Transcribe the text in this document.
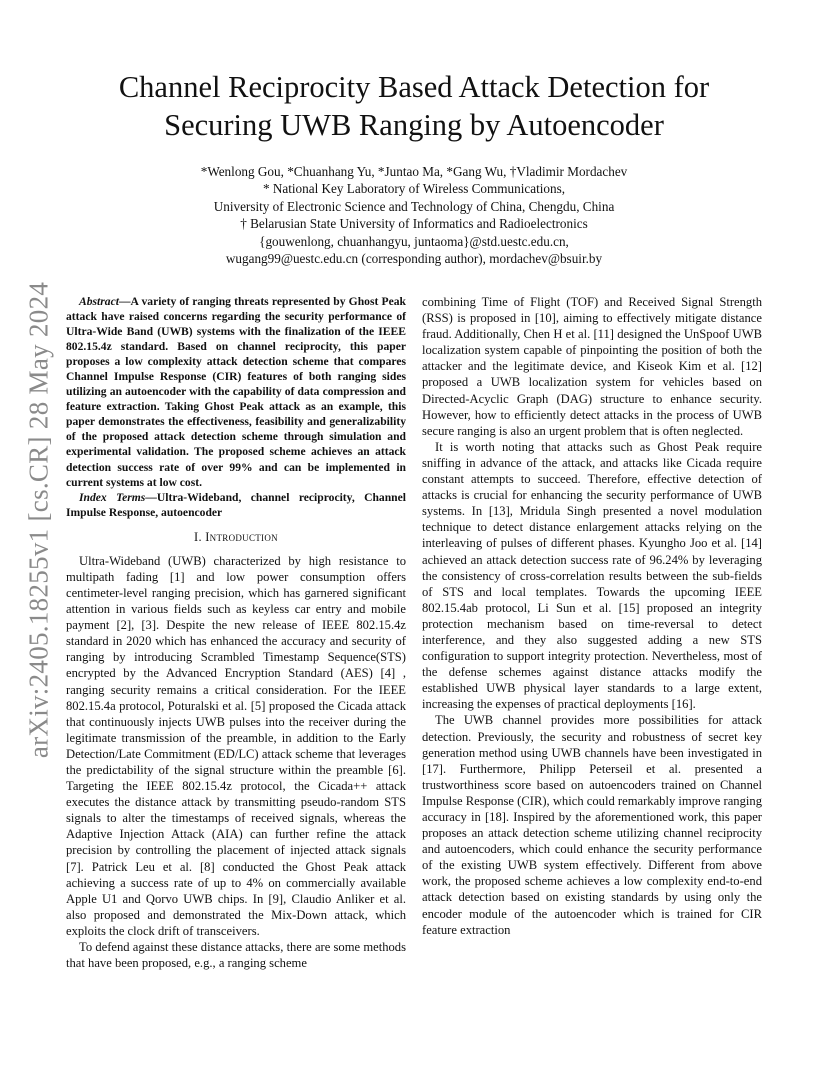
arXiv:2405.18255v1 [cs.CR] 28 May 2024
Channel Reciprocity Based Attack Detection for
Securing UWB Ranging by Autoencoder
*Wenlong Gou, *Chuanhang Yu, *Juntao Ma, *Gang Wu, †Vladimir Mordachev
* National Key Laboratory of Wireless Communications,
University of Electronic Science and Technology of China, Chengdu, China
† Belarusian State University of Informatics and Radioelectronics
{gouwenlong, chuanhangyu, juntaoma}@std.uestc.edu.cn,
wugang99@uestc.edu.cn (corresponding author), mordachev@bsuir.by

Abstract—A variety of ranging threats represented by Ghost Peak attack have raised concerns regarding the security performance of Ultra-Wide Band (UWB) systems with the finalization of the IEEE 802.15.4z standard. Based on channel reciprocity, this paper proposes a low complexity attack detection scheme that compares Channel Impulse Response (CIR) features of both ranging sides utilizing an autoencoder with the capability of data compression and feature extraction. Taking Ghost Peak attack as an example, this paper demonstrates the effectiveness, feasibility and generalizability of the proposed attack detection scheme through simulation and experimental validation. The proposed scheme achieves an attack detection success rate of over 99% and can be implemented in current systems at low cost.

Index Terms—Ultra-Wideband, channel reciprocity, Channel Impulse Response, autoencoder

I. Introduction

Ultra-Wideband (UWB) characterized by high resistance to multipath fading [1] and low power consumption offers centimeter-level ranging precision, which has garnered significant attention in various fields such as keyless car entry and mobile payment [2], [3]. Despite the new release of IEEE 802.15.4z standard in 2020 which has enhanced the accuracy and security of ranging by introducing Scrambled Timestamp Sequence(STS) encrypted by the Advanced Encryption Standard (AES) [4] , ranging security remains a critical consideration. For the IEEE 802.15.4a protocol, Poturalski et al. [5] proposed the Cicada attack that continuously injects UWB pulses into the receiver during the legitimate transmission of the preamble, in addition to the Early Detection/Late Commitment (ED/LC) attack scheme that leverages the predictability of the signal structure within the preamble [6]. Targeting the IEEE 802.15.4z protocol, the Cicada++ attack executes the distance attack by transmitting pseudo-random STS signals to alter the timestamps of received signals, whereas the Adaptive Injection Attack (AIA) can further refine the attack precision by controlling the placement of injected attack signals [7]. Patrick Leu et al. [8] conducted the Ghost Peak attack achieving a success rate of up to 4% on commercially available Apple U1 and Qorvo UWB chips. In [9], Claudio Anliker et al. also proposed and demonstrated the Mix-Down attack, which exploits the clock drift of transceivers.

To defend against these distance attacks, there are some methods that have been proposed, e.g., a ranging scheme

combining Time of Flight (TOF) and Received Signal Strength (RSS) is proposed in [10], aiming to effectively mitigate distance fraud. Additionally, Chen H et al. [11] designed the UnSpoof UWB localization system capable of pinpointing the position of both the attacker and the legitimate device, and Kiseok Kim et al. [12] proposed a UWB localization system for vehicles based on Directed-Acyclic Graph (DAG) structure to enhance security. However, how to efficiently detect attacks in the process of UWB secure ranging is also an urgent problem that is often neglected.

It is worth noting that attacks such as Ghost Peak require sniffing in advance of the attack, and attacks like Cicada require constant attempts to succeed. Therefore, effective detection of attacks is crucial for enhancing the security performance of UWB systems. In [13], Mridula Singh presented a novel modulation technique to detect distance enlargement attacks relying on the interleaving of pulses of different phases. Kyungho Joo et al. [14] achieved an attack detection success rate of 96.24% by leveraging the consistency of cross-correlation results between the sub-fields of STS and local templates. Towards the upcoming IEEE 802.15.4ab protocol, Li Sun et al. [15] proposed an integrity protection mechanism based on time-reversal to detect interference, and they also suggested adding a new STS configuration to support integrity protection. Nevertheless, most of the defense schemes against distance attacks modify the established UWB physical layer standards to a large extent, increasing the expenses of practical deployments [16].

The UWB channel provides more possibilities for attack detection. Previously, the security and robustness of secret key generation method using UWB channels have been investigated in [17]. Furthermore, Philipp Peterseil et al. presented a trustworthiness score based on autoencoders trained on Channel Impulse Response (CIR), which could remarkably improve ranging accuracy in [18]. Inspired by the aforementioned work, this paper proposes an attack detection scheme utilizing channel reciprocity and autoencoders, which could enhance the security performance of the existing UWB system effectively. Different from above work, the proposed scheme achieves a low complexity end-to-end attack detection based on existing standards by using only the encoder module of the autoencoder which is trained for CIR feature extraction
